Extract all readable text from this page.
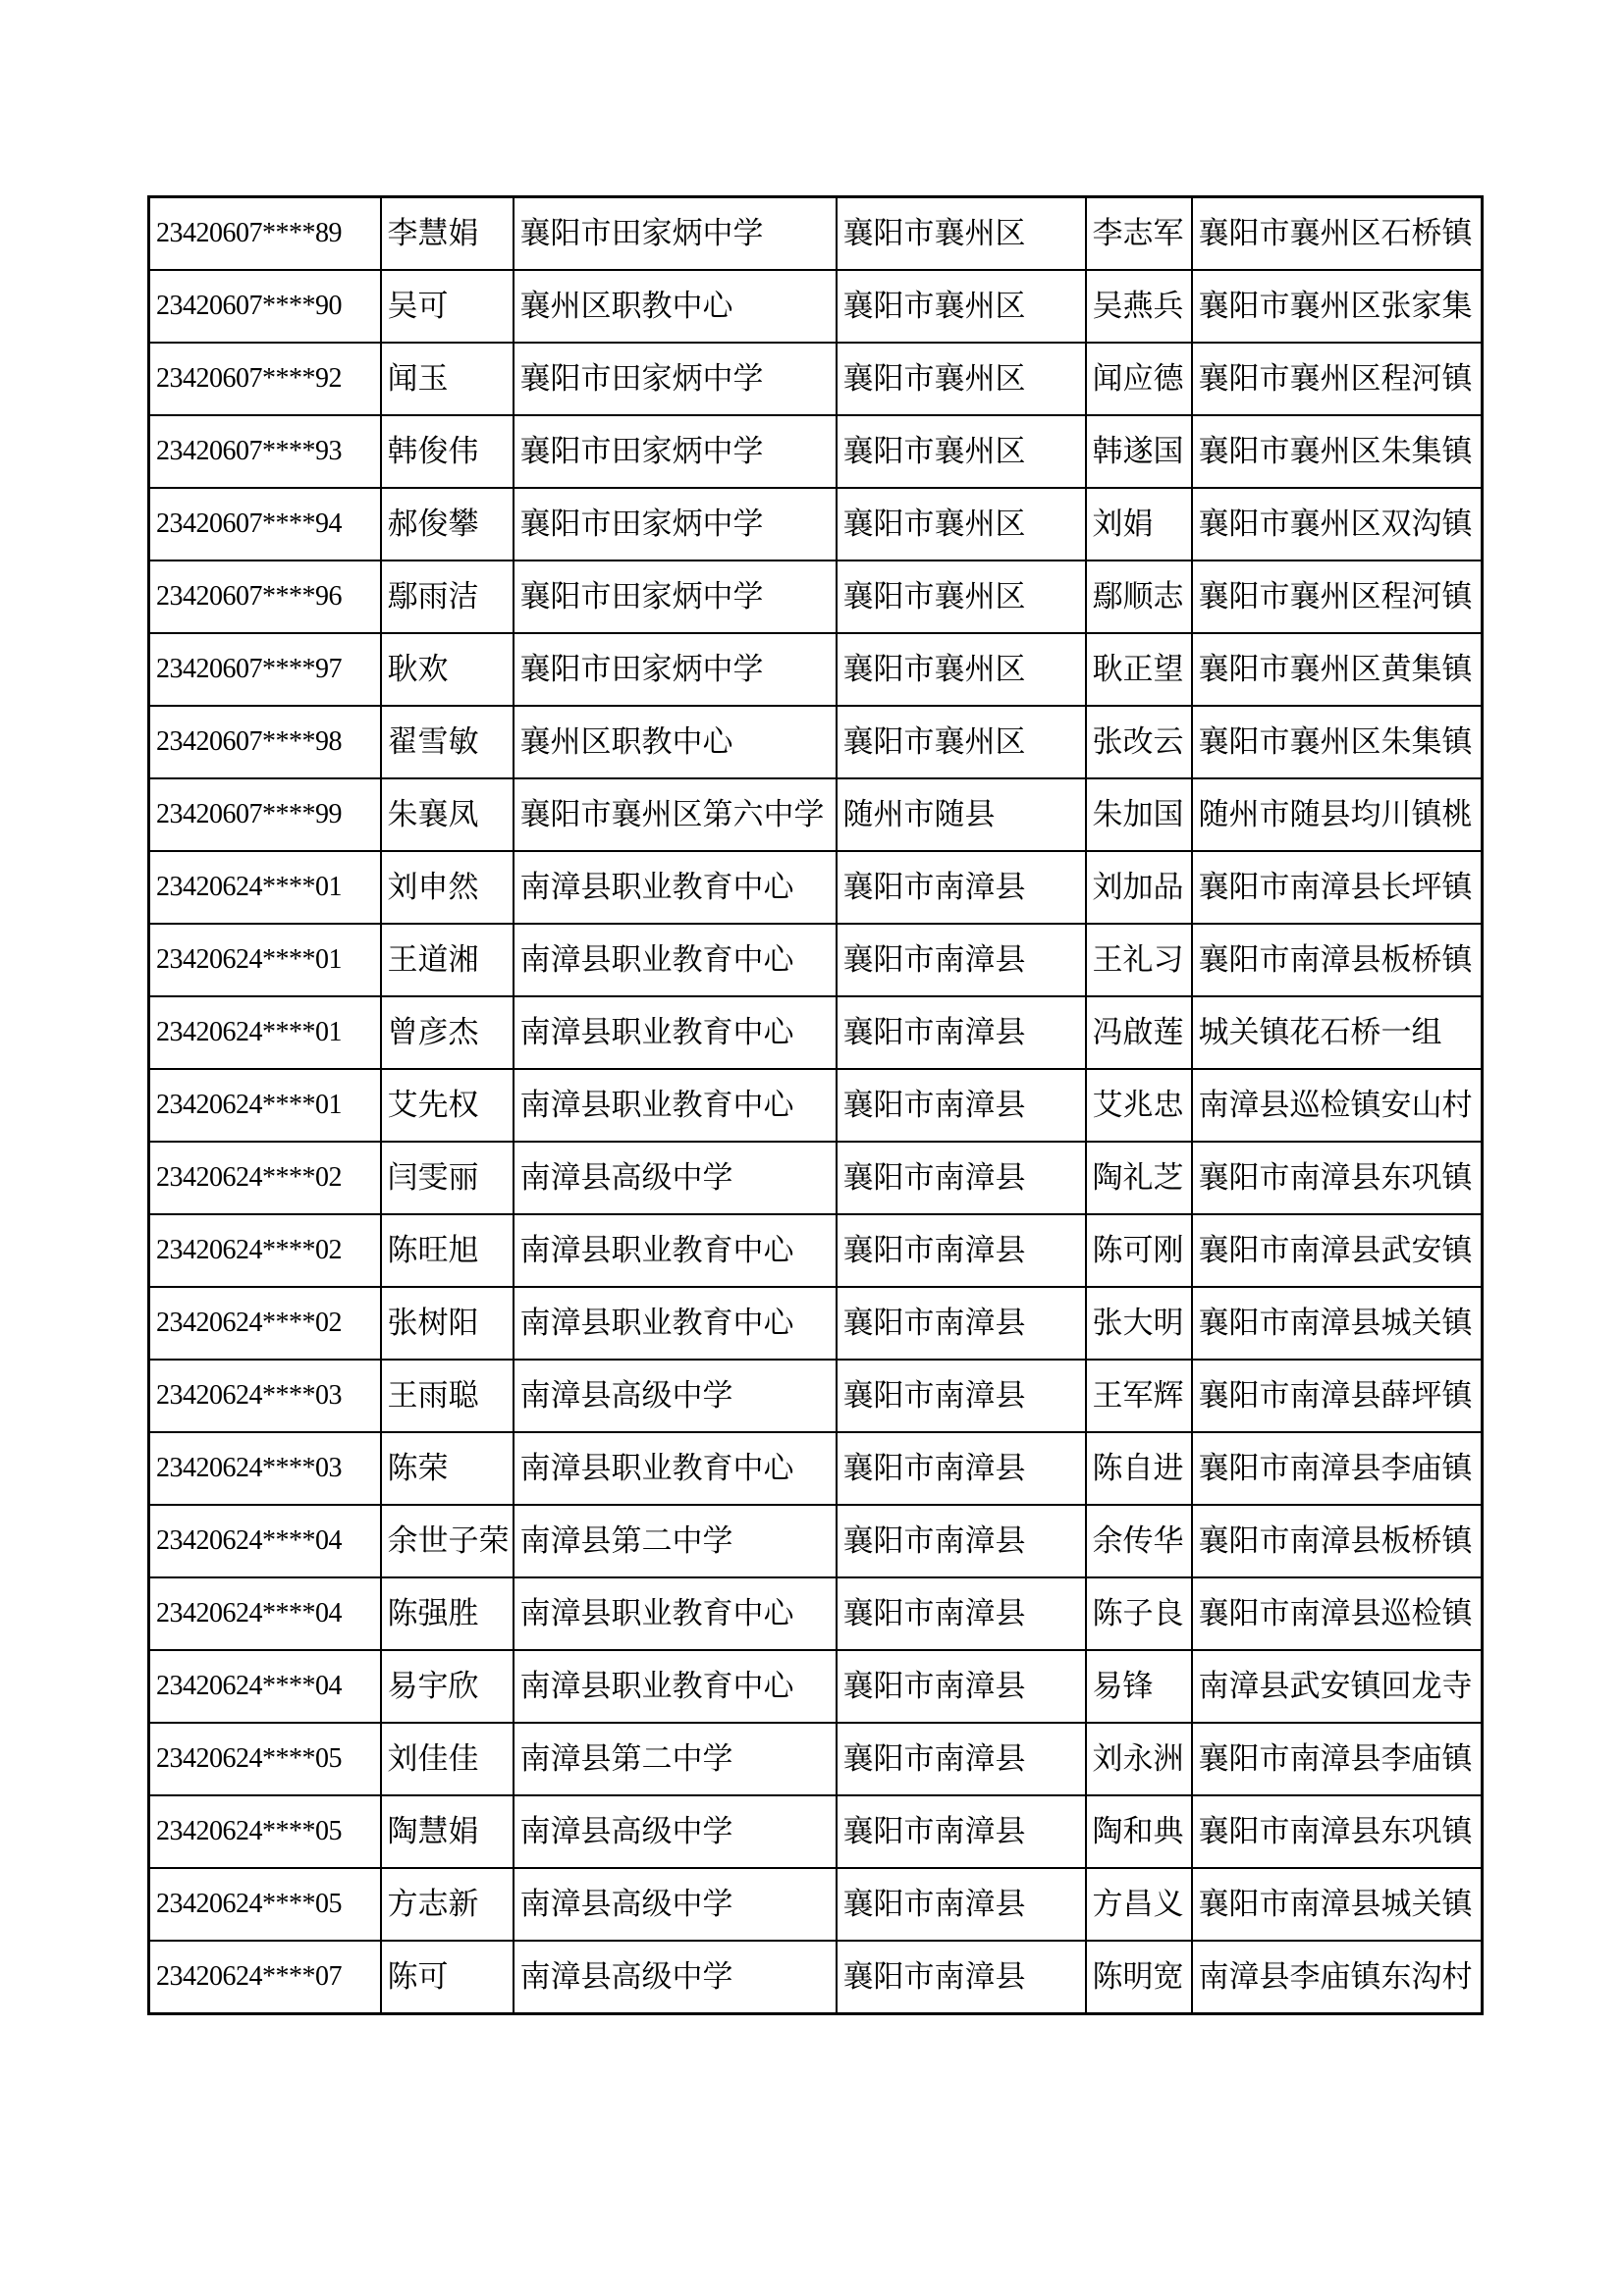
23420607****89	李慧娟	襄阳市田家炳中学	襄阳市襄州区	李志军	襄阳市襄州区石桥镇
23420607****90	吴可	襄州区职教中心	襄阳市襄州区	吴燕兵	襄阳市襄州区张家集
23420607****92	闻玉	襄阳市田家炳中学	襄阳市襄州区	闻应德	襄阳市襄州区程河镇
23420607****93	韩俊伟	襄阳市田家炳中学	襄阳市襄州区	韩遂国	襄阳市襄州区朱集镇
23420607****94	郝俊攀	襄阳市田家炳中学	襄阳市襄州区	刘娟	襄阳市襄州区双沟镇
23420607****96	鄢雨洁	襄阳市田家炳中学	襄阳市襄州区	鄢顺志	襄阳市襄州区程河镇
23420607****97	耿欢	襄阳市田家炳中学	襄阳市襄州区	耿正望	襄阳市襄州区黄集镇
23420607****98	翟雪敏	襄州区职教中心	襄阳市襄州区	张改云	襄阳市襄州区朱集镇
23420607****99	朱襄凤	襄阳市襄州区第六中学	随州市随县	朱加国	随州市随县均川镇桃
23420624****01	刘申然	南漳县职业教育中心	襄阳市南漳县	刘加品	襄阳市南漳县长坪镇
23420624****01	王道湘	南漳县职业教育中心	襄阳市南漳县	王礼习	襄阳市南漳县板桥镇
23420624****01	曾彦杰	南漳县职业教育中心	襄阳市南漳县	冯啟莲	城关镇花石桥一组
23420624****01	艾先权	南漳县职业教育中心	襄阳市南漳县	艾兆忠	南漳县巡检镇安山村
23420624****02	闫雯丽	南漳县高级中学	襄阳市南漳县	陶礼芝	襄阳市南漳县东巩镇
23420624****02	陈旺旭	南漳县职业教育中心	襄阳市南漳县	陈可刚	襄阳市南漳县武安镇
23420624****02	张树阳	南漳县职业教育中心	襄阳市南漳县	张大明	襄阳市南漳县城关镇
23420624****03	王雨聪	南漳县高级中学	襄阳市南漳县	王军辉	襄阳市南漳县薛坪镇
23420624****03	陈荣	南漳县职业教育中心	襄阳市南漳县	陈自进	襄阳市南漳县李庙镇
23420624****04	余世子荣	南漳县第二中学	襄阳市南漳县	余传华	襄阳市南漳县板桥镇
23420624****04	陈强胜	南漳县职业教育中心	襄阳市南漳县	陈子良	襄阳市南漳县巡检镇
23420624****04	易宇欣	南漳县职业教育中心	襄阳市南漳县	易锋	南漳县武安镇回龙寺
23420624****05	刘佳佳	南漳县第二中学	襄阳市南漳县	刘永洲	襄阳市南漳县李庙镇
23420624****05	陶慧娟	南漳县高级中学	襄阳市南漳县	陶和典	襄阳市南漳县东巩镇
23420624****05	方志新	南漳县高级中学	襄阳市南漳县	方昌义	襄阳市南漳县城关镇
23420624****07	陈可	南漳县高级中学	襄阳市南漳县	陈明宽	南漳县李庙镇东沟村
